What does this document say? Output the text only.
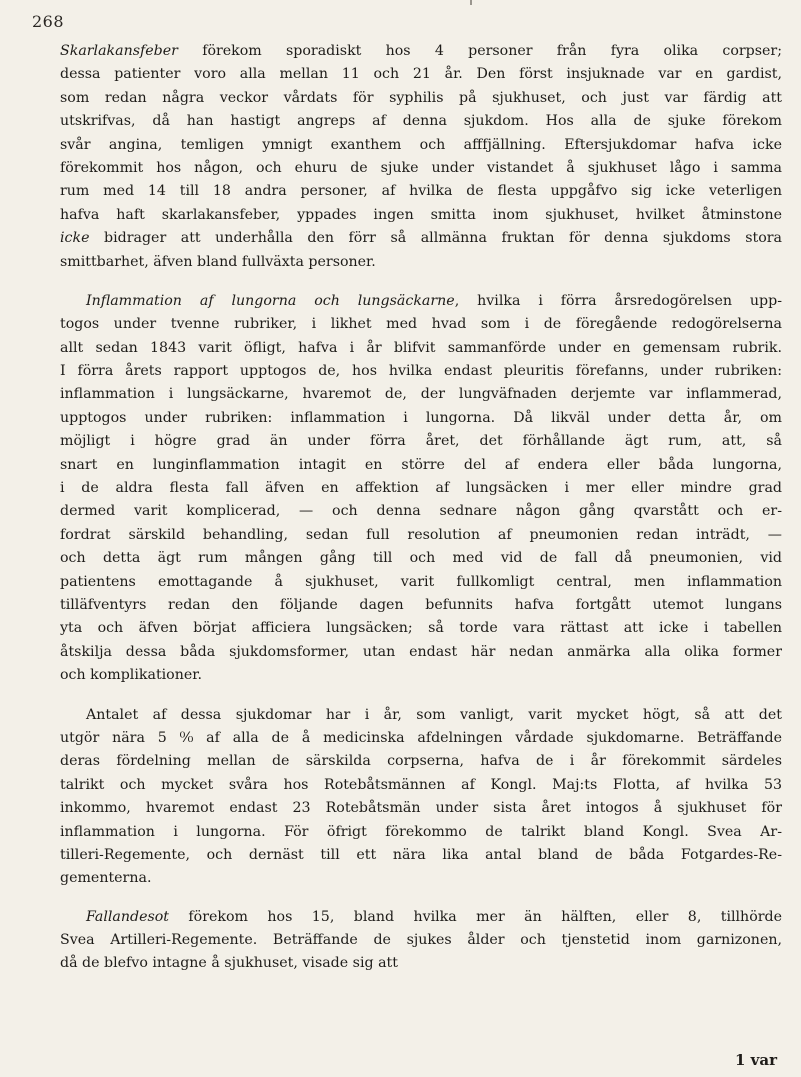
268
Skarlakansfeber förekom sporadiskt hos 4 personer från fyra olika corpser;
dessa patienter voro alla mellan 11 och 21 år. Den först insjuknade var en gardist,
som redan några veckor vårdats för syphilis på sjukhuset, och just var färdig att
utskrifvas, då han hastigt angreps af denna sjukdom. Hos alla de sjuke förekom
svår angina, temligen ymnigt exanthem och afffjällning. Eftersjukdomar hafva icke
förekommit hos någon, och ehuru de sjuke under vistandet å sjukhuset lågo i samma
rum med 14 till 18 andra personer, af hvilka de flesta uppgåfvo sig icke veterligen
hafva haft skarlakansfeber, yppades ingen smitta inom sjukhuset, hvilket åtminstone
icke bidrager att underhålla den förr så allmänna fruktan för denna sjukdoms stora
smittbarhet, äfven bland fullväxta personer.
Inflammation af lungorna och lungsäckarne, hvilka i förra årsredogörelsen upp-
togos under tvenne rubriker, i likhet med hvad som i de föregående redogörelserna
allt sedan 1843 varit öfligt, hafva i år blifvit sammanförde under en gemensam rubrik.
I förra årets rapport upptogos de, hos hvilka endast pleuritis förefanns, under rubriken:
inflammation i lungsäckarne, hvaremot de, der lungväfnaden derjemte var inflammerad,
upptogos under rubriken: inflammation i lungorna. Då likväl under detta år, om
möjligt i högre grad än under förra året, det förhållande ägt rum, att, så
snart en lunginflammation intagit en större del af endera eller båda lungorna,
i de aldra flesta fall äfven en affektion af lungsäcken i mer eller mindre grad
dermed varit komplicerad, — och denna sednare någon gång qvarstått och er-
fordrat särskild behandling, sedan full resolution af pneumonien redan inträdt, —
och detta ägt rum mången gång till och med vid de fall då pneumonien, vid
patientens emottagande å sjukhuset, varit fullkomligt central, men inflammation
tilläfventyrs redan den följande dagen befunnits hafva fortgått utemot lungans
yta och äfven börjat afficiera lungsäcken; så torde vara rättast att icke i tabellen
åtskilja dessa båda sjukdomsformer, utan endast här nedan anmärka alla olika former
och komplikationer.
Antalet af dessa sjukdomar har i år, som vanligt, varit mycket högt, så att det
utgör nära 5 ⁰⁄₀ af alla de å medicinska afdelningen vårdade sjukdomarne. Beträffande
deras fördelning mellan de särskilda corpserna, hafva de i år förekommit särdeles
talrikt och mycket svåra hos Rotebåtsmännen af Kongl. Maj:ts Flotta, af hvilka 53
inkommo, hvaremot endast 23 Rotebåtsmän under sista året intogos å sjukhuset för
inflammation i lungorna. För öfrigt förekommo de talrikt bland Kongl. Svea Ar-
tilleri-Regemente, och dernäst till ett nära lika antal bland de båda Fotgardes-Re-
gementerna.
Fallandesot förekom hos 15, bland hvilka mer än hälften, eller 8, tillhörde
Svea Artilleri-Regemente. Beträffande de sjukes ålder och tjenstetid inom garnizonen,
då de blefvo intagne å sjukhuset, visade sig att
1 var
